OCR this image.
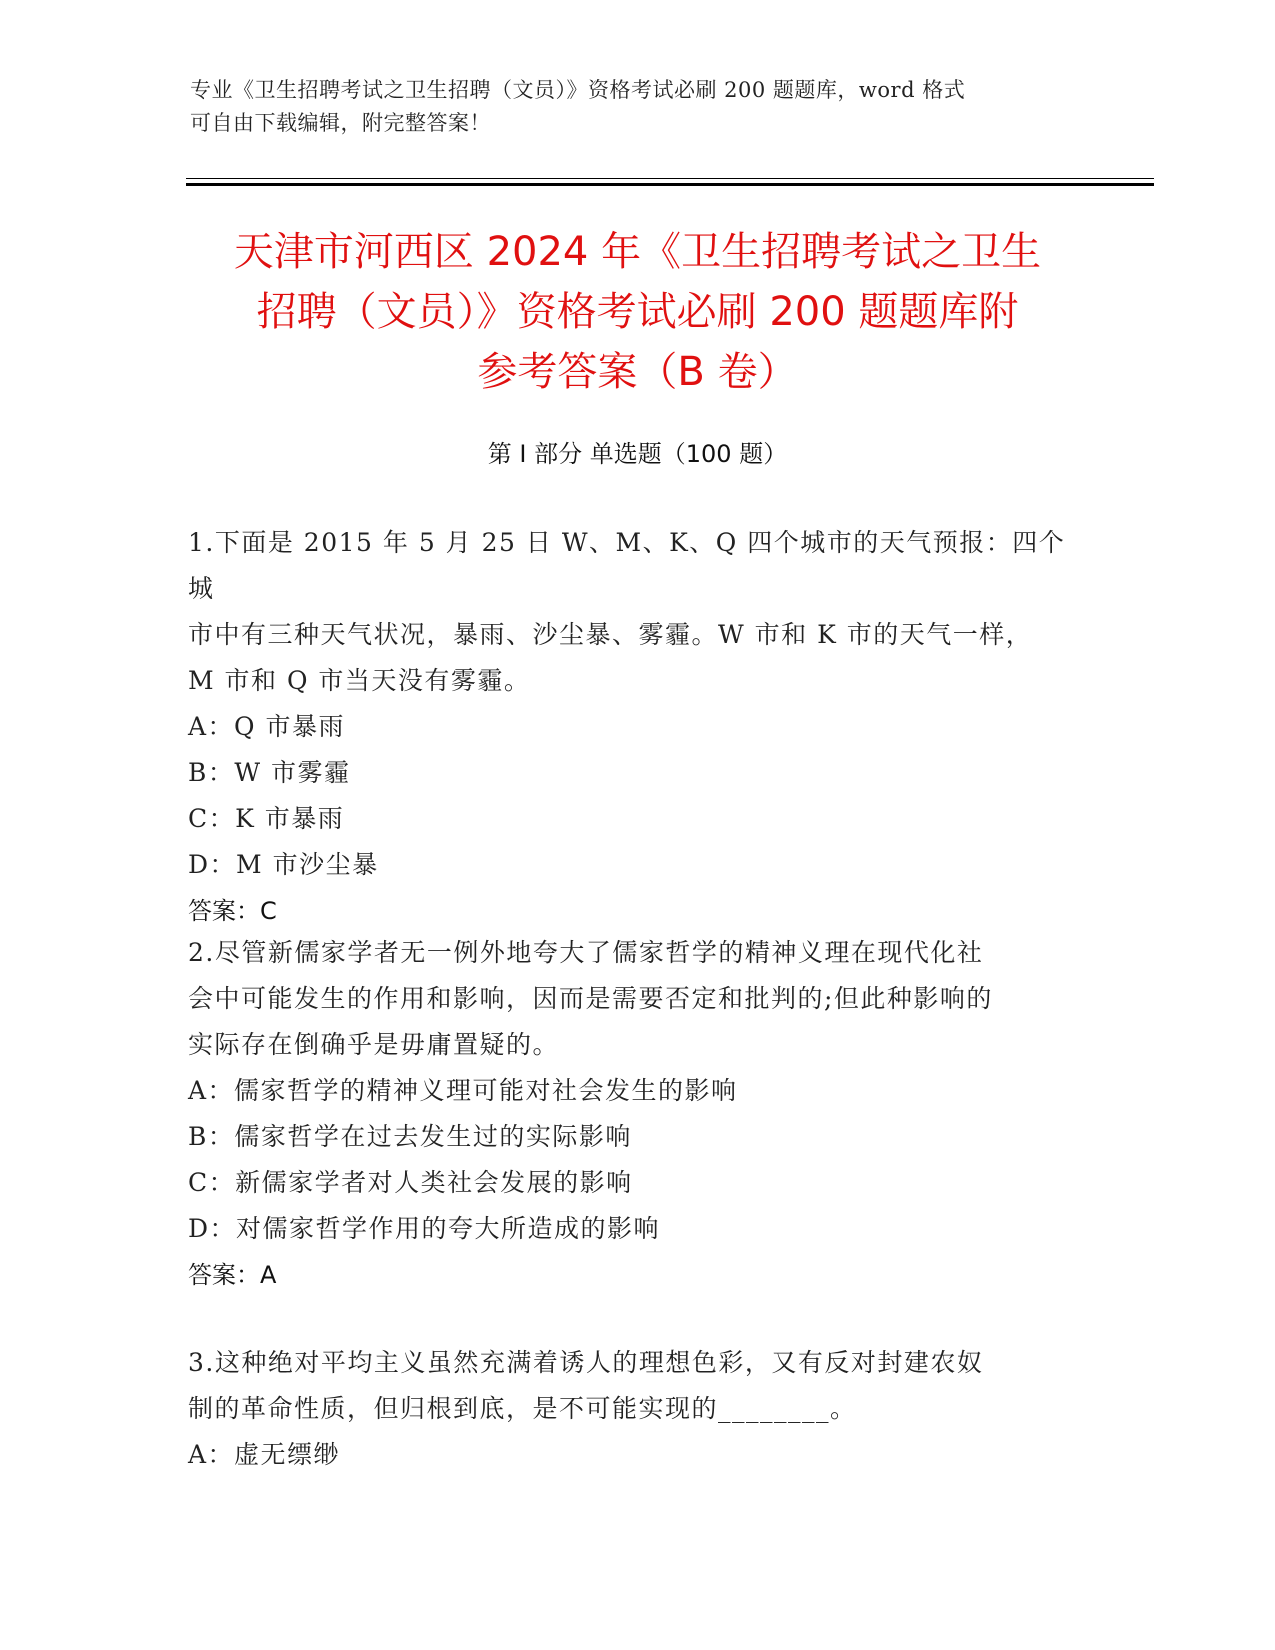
专业《卫生招聘考试之卫生招聘（文员）》资格考试必刷 200 题题库，word 格式
可自由下载编辑，附完整答案！
天津市河西区 2024 年《卫生招聘考试之卫生
招聘（文员）》资格考试必刷 200 题题库附
参考答案（B 卷）
第 I 部分 单选题（100 题）

1.下面是 2015 年 5 月 25 日 W、M、K、Q 四个城市的天气预报：四个城

市中有三种天气状况，暴雨、沙尘暴、雾霾。W 市和 K 市的天气一样，

M 市和 Q 市当天没有雾霾。

A：Q 市暴雨

B：W 市雾霾

C：K 市暴雨

D：M 市沙尘暴

答案：C

2.尽管新儒家学者无一例外地夸大了儒家哲学的精神义理在现代化社

会中可能发生的作用和影响，因而是需要否定和批判的;但此种影响的

实际存在倒确乎是毋庸置疑的。

A：儒家哲学的精神义理可能对社会发生的影响

B：儒家哲学在过去发生过的实际影响

C：新儒家学者对人类社会发展的影响

D：对儒家哲学作用的夸大所造成的影响

答案：A

3.这种绝对平均主义虽然充满着诱人的理想色彩，又有反对封建农奴

制的革命性质，但归根到底，是不可能实现的________。

A：虚无缥缈
